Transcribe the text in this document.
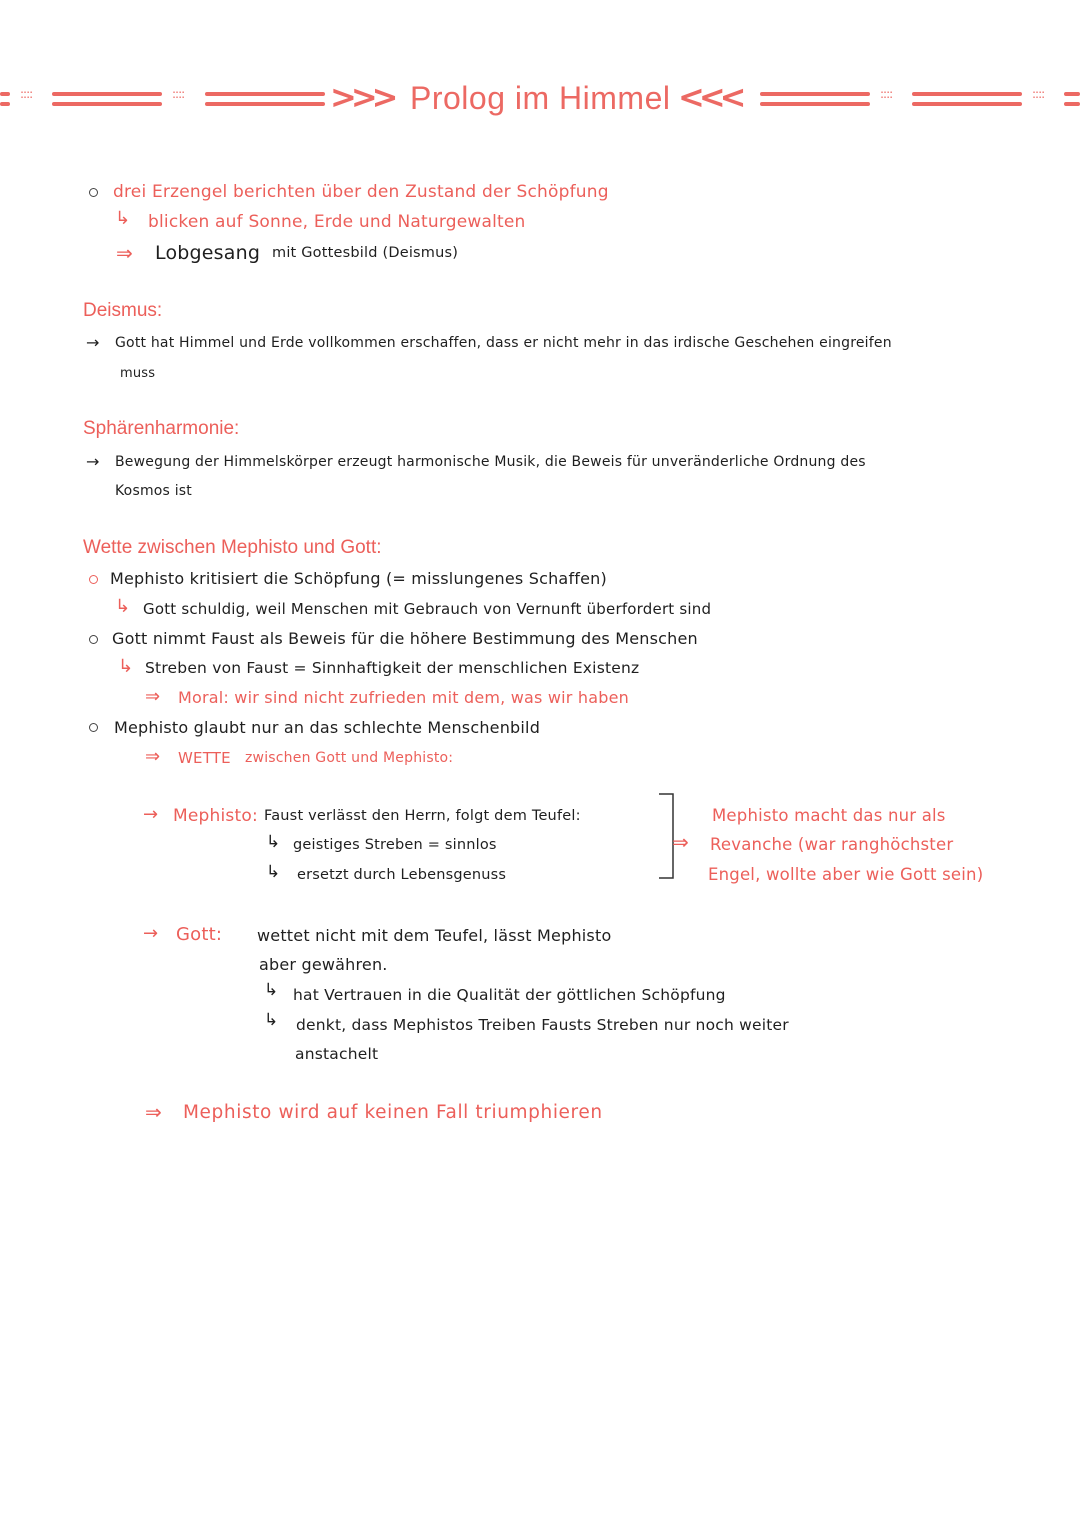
::::	::::	::::	::::
>>> Prolog im Himmel <<<
drei Erzengel berichten über den Zustand der Schöpfung
↳ blicken auf Sonne, Erde und Naturgewalten
⇒ Lobgesang mit Gottesbild (Deismus)
Deismus:
→ Gott hat Himmel und Erde vollkommen erschaffen, dass er nicht mehr in das irdische Geschehen eingreifen
muss
Sphärenharmonie:
→ Bewegung der Himmelskörper erzeugt harmonische Musik, die Beweis für unveränderliche Ordnung des
Kosmos ist
Wette zwischen Mephisto und Gott:
Mephisto kritisiert die Schöpfung (= misslungenes Schaffen)
↳ Gott schuldig, weil Menschen mit Gebrauch von Vernunft überfordert sind
Gott nimmt Faust als Beweis für die höhere Bestimmung des Menschen
↳ Streben von Faust = Sinnhaftigkeit der menschlichen Existenz
⇒ Moral: wir sind nicht zufrieden mit dem, was wir haben
Mephisto glaubt nur an das schlechte Menschenbild
⇒ WETTE zwischen Gott und Mephisto:
→ Mephisto: Faust verlässt den Herrn, folgt dem Teufel:
↳ geistiges Streben = sinnlos
↳ ersetzt durch Lebensgenuss
⇒
Mephisto macht das nur als
Revanche (war ranghöchster
Engel, wollte aber wie Gott sein)
→ Gott: wettet nicht mit dem Teufel, lässt Mephisto
aber gewähren.
↳ hat Vertrauen in die Qualität der göttlichen Schöpfung
↳ denkt, dass Mephistos Treiben Fausts Streben nur noch weiter
anstachelt
⇒ Mephisto wird auf keinen Fall triumphieren
